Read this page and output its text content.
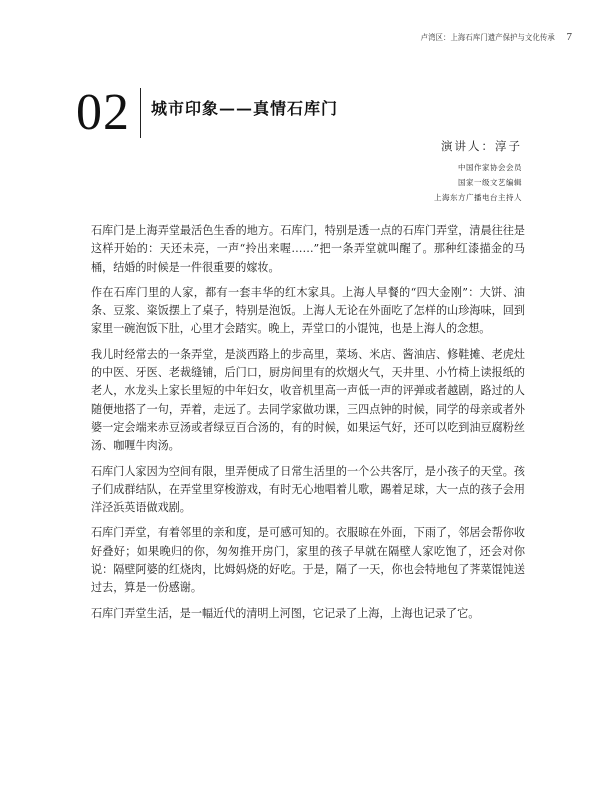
卢湾区：上海石库门遗产保护与文化传承 7
02 城市印象——真情石库门
演讲人：淳子
中国作家协会会员
国家一级文艺编辑
上海东方广播电台主持人

石库门是上海弄堂最活色生香的地方。石库门，特别是透一点的石库门弄堂，清晨往往是这样开始的：天还未亮，一声“拎出来喔……”把一条弄堂就叫醒了。那种红漆描金的马桶，结婚的时候是一件很重要的嫁妆。

作在石库门里的人家，都有一套丰华的红木家具。上海人早餐的“四大金刚”：大饼、油条、豆浆、粢饭摆上了桌子，特别是泡饭。上海人无论在外面吃了怎样的山珍海味，回到家里一碗泡饭下肚，心里才会踏实。晚上，弄堂口的小馄饨，也是上海人的念想。

我儿时经常去的一条弄堂，是淡西路上的步高里，菜场、米店、酱油店、修鞋摊、老虎灶的中医、牙医、老裁缝铺，后门口，厨房间里有的炊烟火气，天井里、小竹椅上读报纸的老人，水龙头上家长里短的中年妇女，收音机里高一声低一声的评弹或者越剧，路过的人随便地搭了一句，弄着，走远了。去同学家做功课，三四点钟的时候，同学的母亲或者外婆一定会端来赤豆汤或者绿豆百合汤的，有的时候，如果运气好，还可以吃到油豆腐粉丝汤、咖喱牛肉汤。

石库门人家因为空间有限，里弄便成了日常生活里的一个公共客厅，是小孩子的天堂。孩子们成群结队，在弄堂里穿梭游戏，有时无心地唱着儿歌，踢着足球，大一点的孩子会用洋泾浜英语做戏剧。

石库门弄堂，有着邻里的亲和度，是可感可知的。衣服晾在外面，下雨了，邻居会帮你收好叠好；如果晚归的你，匆匆推开房门，家里的孩子早就在隔壁人家吃饱了，还会对你说：隔壁阿婆的红烧肉，比姆妈烧的好吃。于是，隔了一天，你也会特地包了荠菜馄饨送过去，算是一份感谢。

石库门弄堂生活，是一幅近代的清明上河图，它记录了上海，上海也记录了它。
